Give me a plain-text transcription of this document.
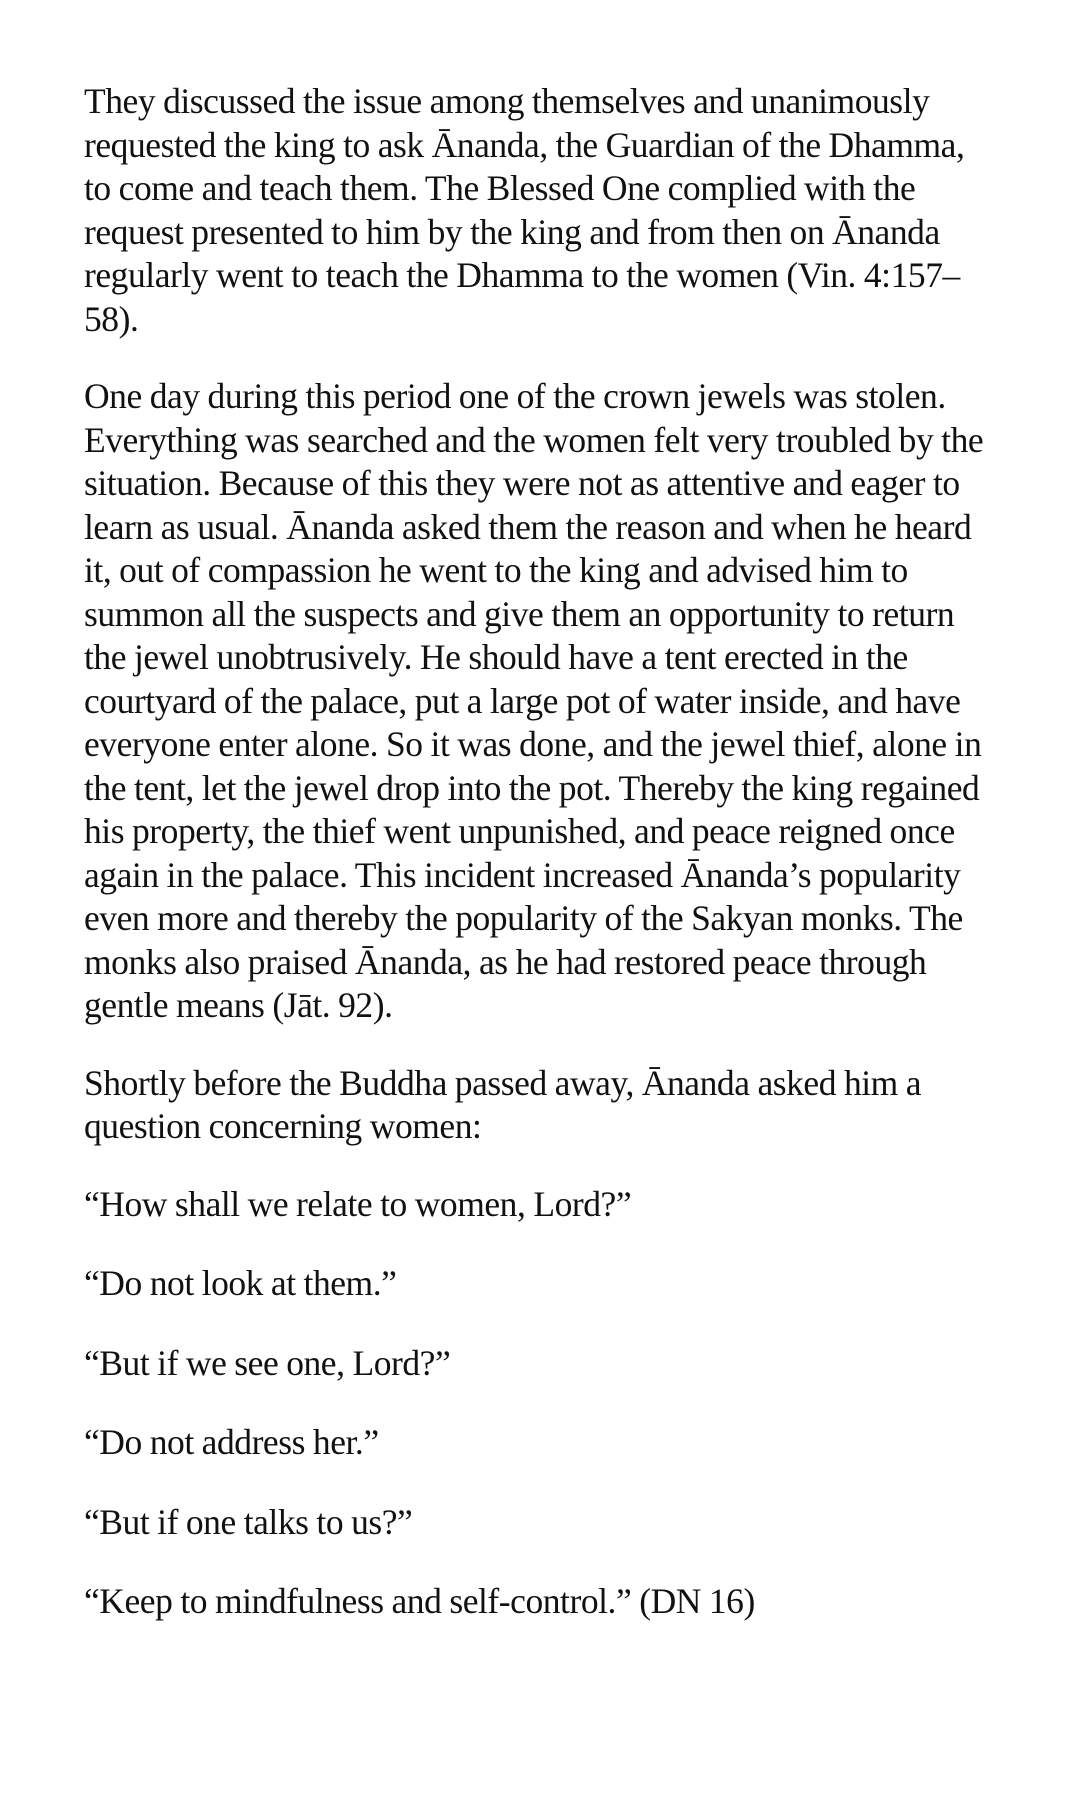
They discussed the issue among themselves and unanimously requested the king to ask Ānanda, the Guardian of the Dhamma, to come and teach them. The Blessed One complied with the request presented to him by the king and from then on Ānanda regularly went to teach the Dhamma to the women (Vin. 4:157–58).

One day during this period one of the crown jewels was stolen. Everything was searched and the women felt very troubled by the situation. Because of this they were not as attentive and eager to learn as usual. Ānanda asked them the reason and when he heard it, out of compassion he went to the king and advised him to summon all the suspects and give them an opportunity to return the jewel unobtrusively. He should have a tent erected in the courtyard of the palace, put a large pot of water inside, and have everyone enter alone. So it was done, and the jewel thief, alone in the tent, let the jewel drop into the pot. Thereby the king regained his property, the thief went unpunished, and peace reigned once again in the palace. This incident increased Ānanda’s popularity even more and thereby the popularity of the Sakyan monks. The monks also praised Ānanda, as he had restored peace through gentle means (Jāt. 92).

Shortly before the Buddha passed away, Ānanda asked him a question concerning women:

“How shall we relate to women, Lord?”

“Do not look at them.”

“But if we see one, Lord?”

“Do not address her.”

“But if one talks to us?”

“Keep to mindfulness and self-control.” (DN 16)
